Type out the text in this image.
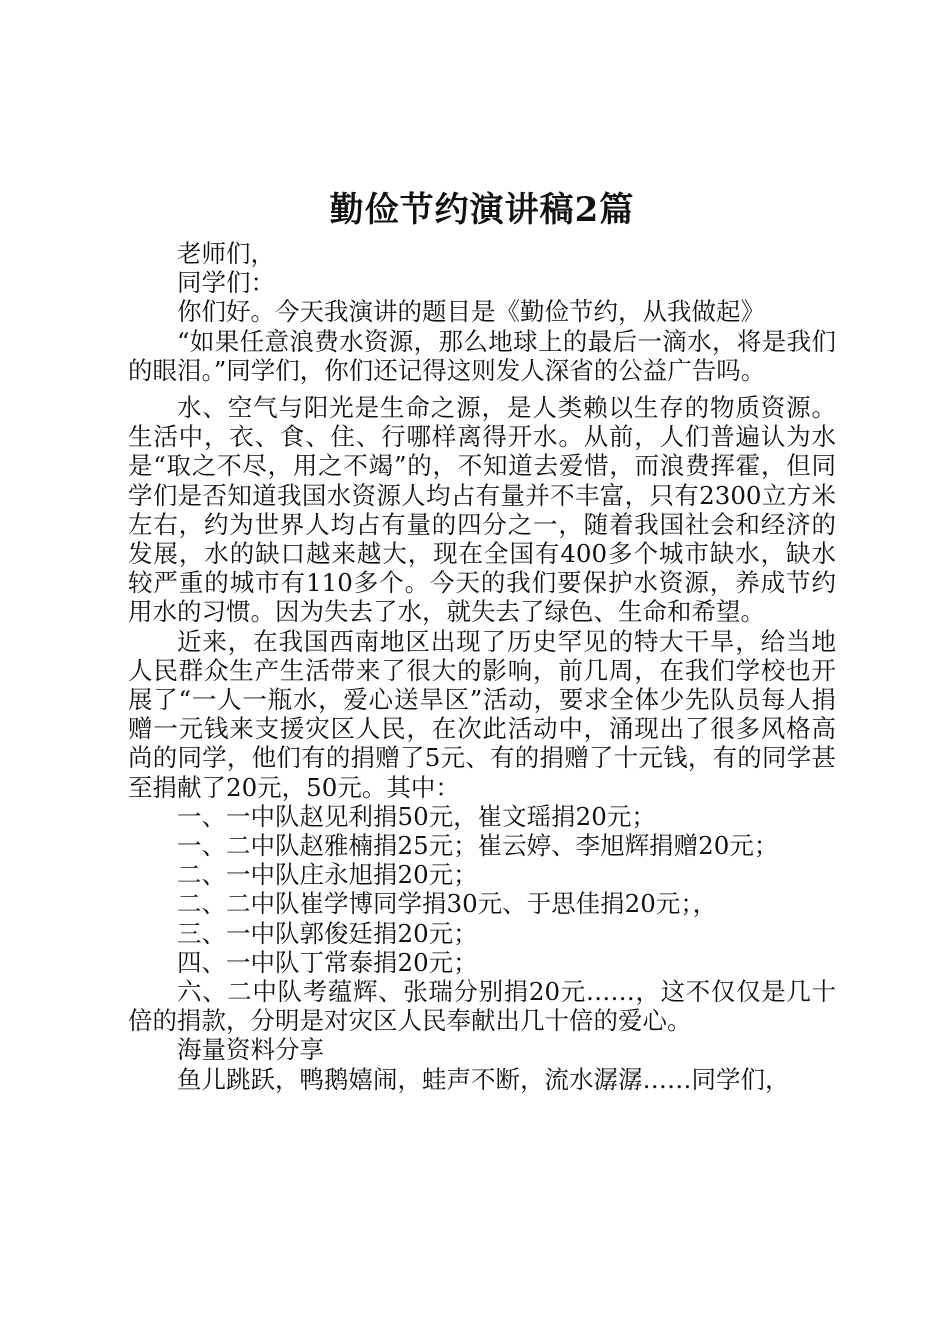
勤俭节约演讲稿2篇

老师们，

同学们：

你们好。今天我演讲的题目是《勤俭节约，从我做起》

“如果任意浪费水资源，那么地球上的最后一滴水，将是我们的眼泪。”同学们，你们还记得这则发人深省的公益广告吗。

水、空气与阳光是生命之源，是人类赖以生存的物质资源。生活中，衣、食、住、行哪样离得开水。从前，人们普遍认为水是“取之不尽，用之不竭”的，不知道去爱惜，而浪费挥霍，但同学们是否知道我国水资源人均占有量并不丰富，只有2300立方米左右，约为世界人均占有量的四分之一，随着我国社会和经济的发展，水的缺口越来越大，现在全国有400多个城市缺水，缺水较严重的城市有110多个。今天的我们要保护水资源，养成节约用水的习惯。因为失去了水，就失去了绿色、生命和希望。

近来，在我国西南地区出现了历史罕见的特大干旱，给当地人民群众生产生活带来了很大的影响，前几周，在我们学校也开展了“一人一瓶水，爱心送旱区”活动，要求全体少先队员每人捐赠一元钱来支援灾区人民，在次此活动中，涌现出了很多风格高尚的同学，他们有的捐赠了5元、有的捐赠了十元钱，有的同学甚至捐献了20元，50元。其中：

一、一中队赵见利捐50元，崔文瑶捐20元；

一、二中队赵雅楠捐25元；崔云婷、李旭辉捐赠20元；

二、一中队庄永旭捐20元；

二、二中队崔学博同学捐30元、于思佳捐20元；，

三、一中队郭俊廷捐20元；

四、一中队丁常泰捐20元；

六、二中队考蕴辉、张瑞分别捐20元……，这不仅仅是几十倍的捐款，分明是对灾区人民奉献出几十倍的爱心。

海量资料分享

鱼儿跳跃，鸭鹅嬉闹，蛙声不断，流水潺潺……同学们，
